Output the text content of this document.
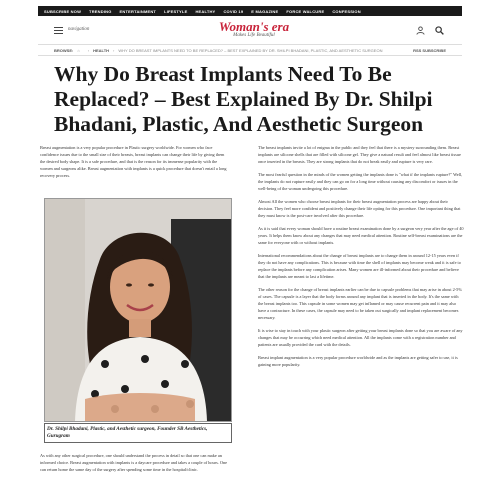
SUBSCRIBE NOW TRENDING ENTERTAINMENT LIFESTYLE HEALTHY COVID 19 E MAGAZINE FORCE WALCURE CONFESSION
navigation	Woman's era
Makes Life Beautiful
BROWSE: ⌂ › HEALTH › WHY DO BREAST IMPLANTS NEED TO BE REPLACED? – BEST EXPLAINED BY DR. SHILPI BHADANI, PLASTIC, AND AESTHETIC SURGEON	RSS SUBSCRIBE
Why Do Breast Implants Need To Be Replaced? – Best Explained By Dr. Shilpi Bhadani, Plastic, And Aesthetic Surgeon

Breast augmentation is a very popular procedure in Plastic surgery worldwide. For women who face confidence issues due to the small size of their breasts, breast implants can change their life by giving them the desired body shape. It is a safe procedure, and that is the reason for its immense popularity with the women and surgeons alike. Breast augmentation with implants is a quick procedure that doesn't entail a long recovery process.

Dr. Shilpi Bhadani, Plastic, and Aesthetic surgeon, Founder SB Aesthetics, Gurugram

As with any other surgical procedure, one should understand the process in detail so that one can make an informed choice. Breast augmentation with implants is a daycare procedure and takes a couple of hours. One can return home the same day of the surgery after spending some time in the hospital/clinic.

The breast implants invite a lot of enigma in the public and they feel that there is a mystery surrounding them. Breast implants are silicone shells that are filled with silicone gel. They give a natural result and feel almost like breast tissue once inserted in the breasts. They are strong implants that do not break easily and rupture is very rare.

The most fearful question in the minds of the women getting the implants done is "what if the implants rupture?" Well, the implants do not rupture easily and they can go on for a long time without causing any discomfort or issues in the well-being of the woman undergoing this procedure.

Almost All the women who choose breast implants for their breast augmentation process are happy about their decision. They feel more confident and positively change their life opting for this procedure. One important thing that they must know is the post-care involved after this procedure.

As it is said that every woman should have a routine breast examination done by a surgeon very year after the age of 40 years. It helps them know about any changes that may need medical attention. Routine self-breast examinations are the same for everyone with or without implants.

International recommendations about the change of breast implants are to change them in around 12-15 years even if they do not have any complications. This is because with time the shell of implants may become weak and it is safe to replace the implants before any complication arises. Many women are ill-informed about their procedure and believe that the implants are meant to last a lifetime.

The other reason for the change of breast implants earlier can be due to capsule problems that may arise in about 2-5% of cases. The capsule is a layer that the body forms around any implant that is inserted in the body. It's the same with the breast implants too. This capsule in some women may get inflamed or may cause recurrent pain and it may also have a contracture. In these cases, the capsule may need to be taken out surgically and implant replacement becomes necessary.

It is wise to stay in touch with your plastic surgeon after getting your breast implants done so that you are aware of any changes that may be occurring which need medical attention. All the implants come with a registration number and patients are usually provided the card with the details.

Breast implant augmentation is a very popular procedure worldwide and as the implants are getting safer to use, it is gaining more popularity.
